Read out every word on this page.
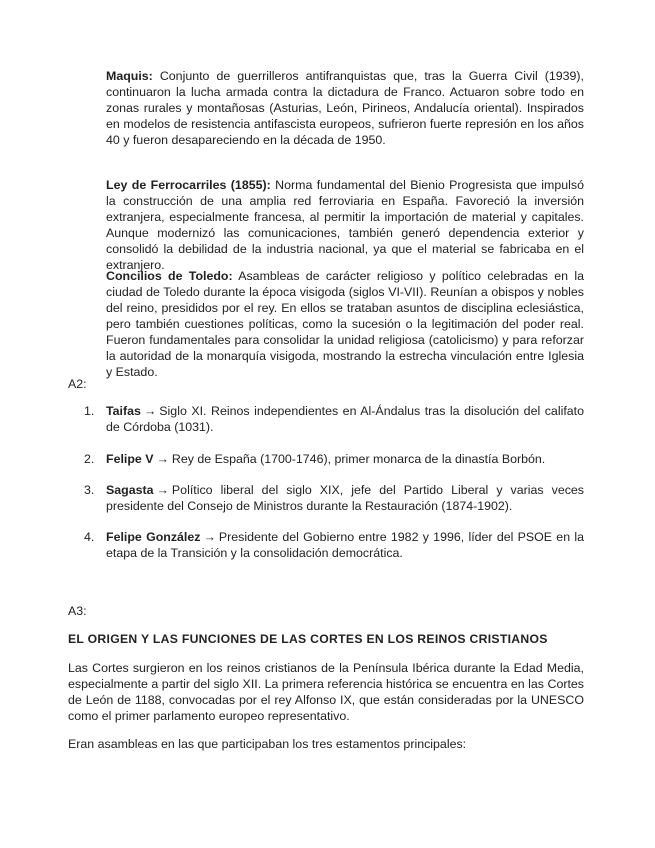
Maquis: Conjunto de guerrilleros antifranquistas que, tras la Guerra Civil (1939), continuaron la lucha armada contra la dictadura de Franco. Actuaron sobre todo en zonas rurales y montañosas (Asturias, León, Pirineos, Andalucía oriental). Inspirados en modelos de resistencia antifascista europeos, sufrieron fuerte represión en los años 40 y fueron desapareciendo en la década de 1950.

Ley de Ferrocarriles (1855): Norma fundamental del Bienio Progresista que impulsó la construcción de una amplia red ferroviaria en España. Favoreció la inversión extranjera, especialmente francesa, al permitir la importación de material y capitales. Aunque modernizó las comunicaciones, también generó dependencia exterior y consolidó la debilidad de la industria nacional, ya que el material se fabricaba en el extranjero.

Concilios de Toledo: Asambleas de carácter religioso y político celebradas en la ciudad de Toledo durante la época visigoda (siglos VI-VII). Reunían a obispos y nobles del reino, presididos por el rey. En ellos se trataban asuntos de disciplina eclesiástica, pero también cuestiones políticas, como la sucesión o la legitimación del poder real. Fueron fundamentales para consolidar la unidad religiosa (catolicismo) y para reforzar la autoridad de la monarquía visigoda, mostrando la estrecha vinculación entre Iglesia y Estado.

A2:

1. Taifas → Siglo XI. Reinos independientes en Al-Ándalus tras la disolución del califato de Córdoba (1031).
2. Felipe V → Rey de España (1700-1746), primer monarca de la dinastía Borbón.
3. Sagasta → Político liberal del siglo XIX, jefe del Partido Liberal y varias veces presidente del Consejo de Ministros durante la Restauración (1874-1902).
4. Felipe González → Presidente del Gobierno entre 1982 y 1996, líder del PSOE en la etapa de la Transición y la consolidación democrática.

A3:

EL ORIGEN Y LAS FUNCIONES DE LAS CORTES EN LOS REINOS CRISTIANOS

Las Cortes surgieron en los reinos cristianos de la Península Ibérica durante la Edad Media, especialmente a partir del siglo XII. La primera referencia histórica se encuentra en las Cortes de León de 1188, convocadas por el rey Alfonso IX, que están consideradas por la UNESCO como el primer parlamento europeo representativo.

Eran asambleas en las que participaban los tres estamentos principales:
